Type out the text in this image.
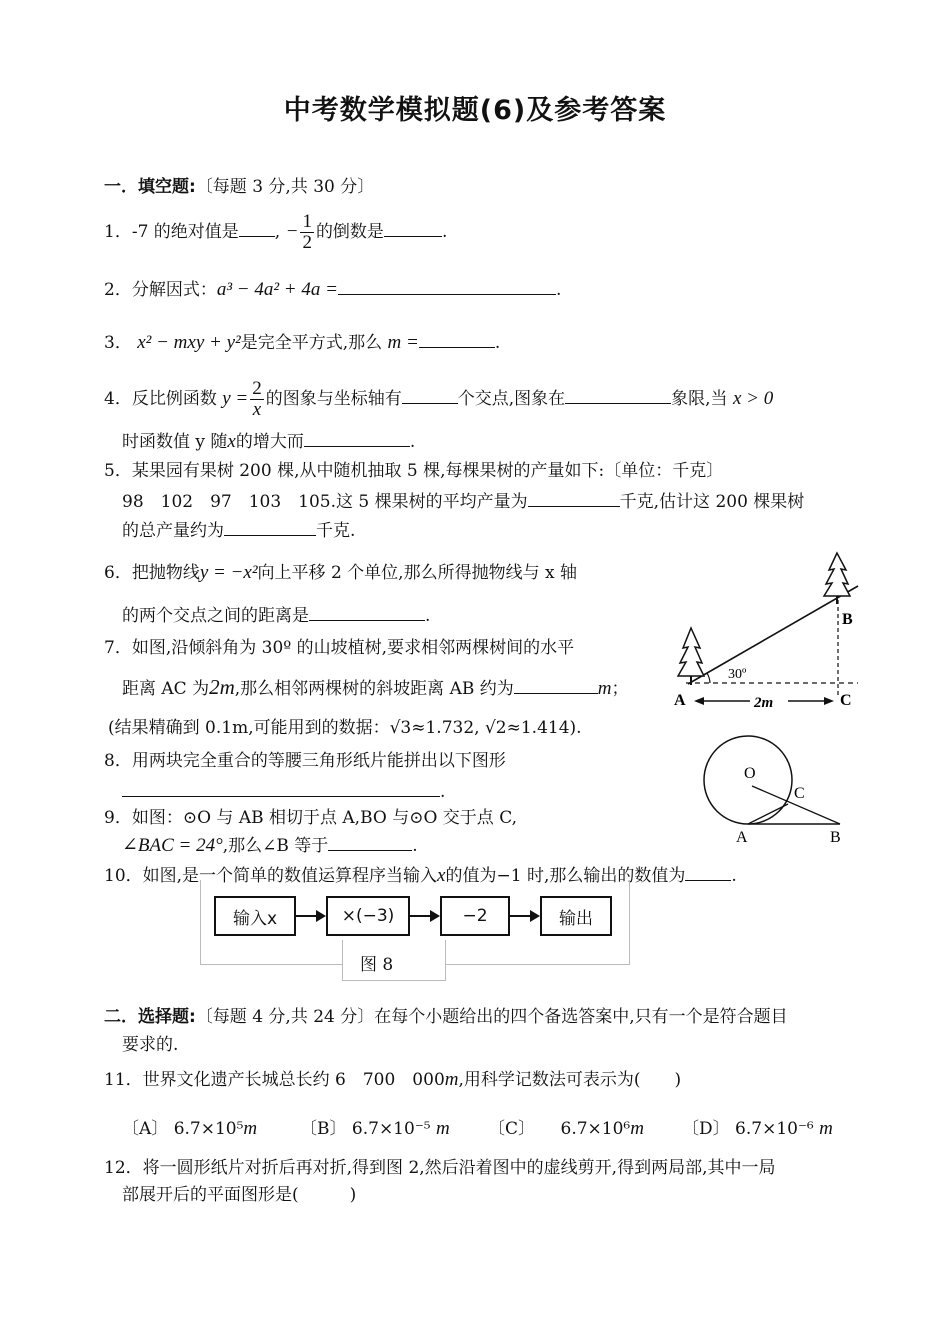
中考数学模拟题(6)及参考答案
一．填空题:〔每题 3 分,共 30 分〕
1．-7 的绝对值是 , − $\frac{1}{2}$ 的倒数是	.
2．分解因式：a³ − 4a² + 4a =	.
3． x² − mxy + y²是完全平方式,那么 m =	.
4．反比例函数 $y = \frac{2}{x}$ 的图象与坐标轴有	个交点,图象在	象限,当 x > 0
时函数值 y 随x的增大而	.
5．某果园有果树 200 棵,从中随机抽取 5 棵,每棵果树的产量如下:〔单位：千克〕
98　102　97　103　105.这 5 棵果树的平均产量为	千克,估计这 200 棵果树
的总产量约为	千克.
6．把抛物线y = −x²向上平移 2 个单位,那么所得抛物线与 x 轴
的两个交点之间的距离是	.
7．如图,沿倾斜角为 30º 的山坡植树,要求相邻两棵树间的水平
距离 AC 为2m,那么相邻两棵树的斜坡距离 AB 约为	m；
(结果精确到 0.1m,可能用到的数据：√3≈1.732, √2≈1.414).
8．用两块完全重合的等腰三角形纸片能拼出以下图形
.
9．如图：⊙O 与 AB 相切于点 A,BO 与⊙O 交于点 C,
∠BAC = 24°,那么∠B 等于	.
10．如图,是一个简单的数值运算程序当输入x的值为−1 时,那么输出的数值为	.
图 8
输入x	×(−3)	−2	输出
二．选择题:〔每题 4 分,共 24 分〕在每个小题给出的四个备选答案中,只有一个是符合题目
要求的.
11．世界文化遗产长城总长约 6　700　000m,用科学记数法可表示为(　　)
〔A〕 6.7×10⁵m	〔B〕 6.7×10⁻⁵ m 〔C〕　　 6.7×10⁶m 〔D〕 6.7×10⁻⁶ m
12．将一圆形纸片对折后再对折,得到图 2,然后沿着图中的虚线剪开,得到两局部,其中一局
部展开后的平面图形是(　　　)
2m
A
B
C
30º
O
C
A	B
